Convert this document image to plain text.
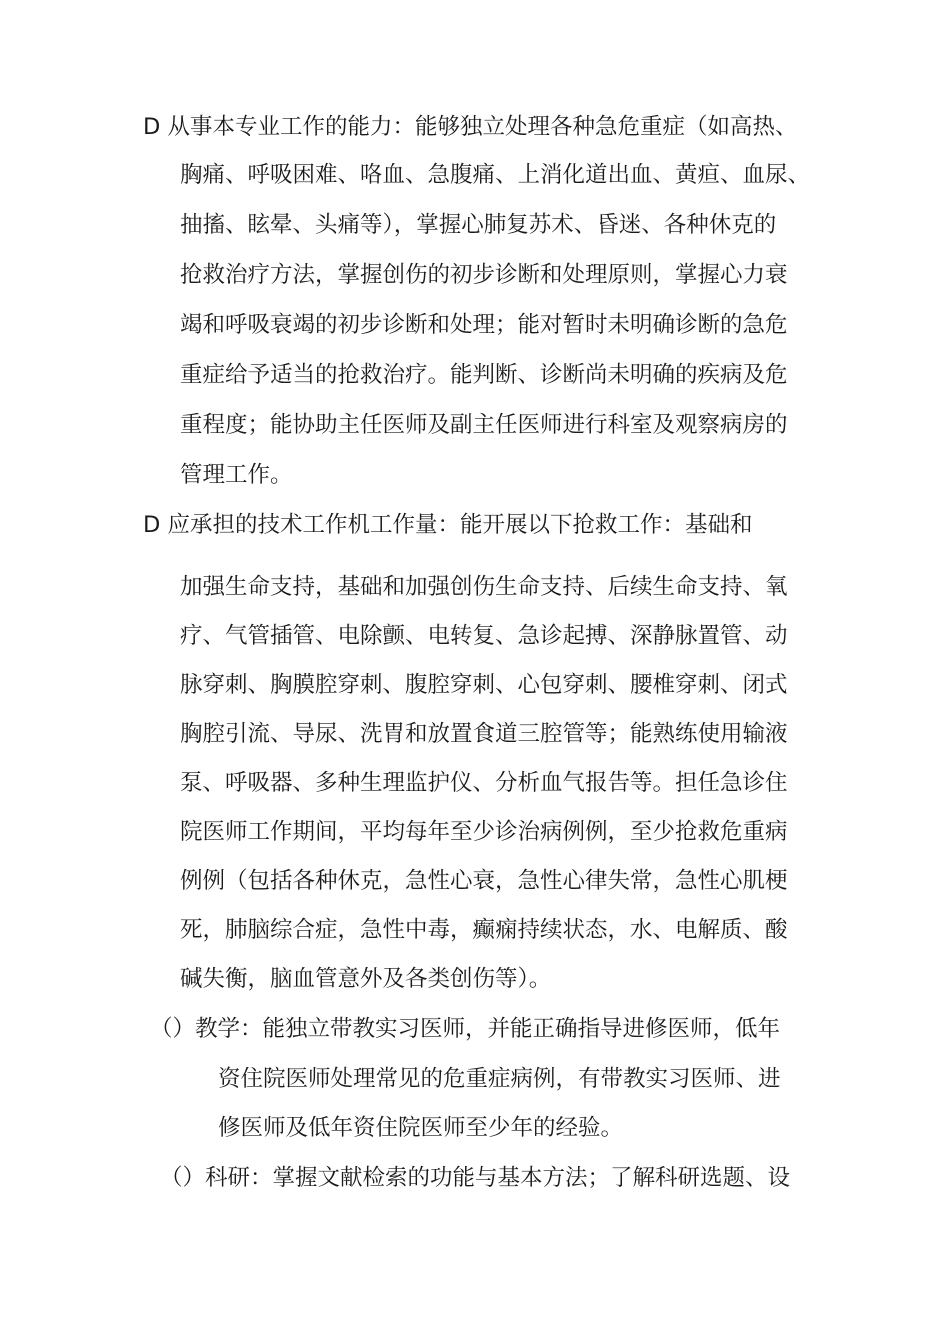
D 从事本专业工作的能力：能够独立处理各种急危重症（如高热、
胸痛、呼吸困难、咯血、急腹痛、上消化道出血、黄疸、血尿、
抽搐、眩晕、头痛等），掌握心肺复苏术、昏迷、各种休克的
抢救治疗方法，掌握创伤的初步诊断和处理原则，掌握心力衰
竭和呼吸衰竭的初步诊断和处理；能对暂时未明确诊断的急危
重症给予适当的抢救治疗。能判断、诊断尚未明确的疾病及危
重程度；能协助主任医师及副主任医师进行科室及观察病房的
管理工作。
D 应承担的技术工作机工作量：能开展以下抢救工作：基础和
加强生命支持，基础和加强创伤生命支持、后续生命支持、氧
疗、气管插管、电除颤、电转复、急诊起搏、深静脉置管、动
脉穿刺、胸膜腔穿刺、腹腔穿刺、心包穿刺、腰椎穿刺、闭式
胸腔引流、导尿、洗胃和放置食道三腔管等；能熟练使用输液
泵、呼吸器、多种生理监护仪、分析血气报告等。担任急诊住
院医师工作期间，平均每年至少诊治病例例，至少抢救危重病
例例（包括各种休克，急性心衰，急性心律失常，急性心肌梗
死，肺脑综合症，急性中毒，癫痫持续状态，水、电解质、酸
碱失衡，脑血管意外及各类创伤等）。
（）教学：能独立带教实习医师，并能正确指导进修医师，低年
资住院医师处理常见的危重症病例，有带教实习医师、进
修医师及低年资住院医师至少年的经验。
（）科研：掌握文献检索的功能与基本方法；了解科研选题、设
